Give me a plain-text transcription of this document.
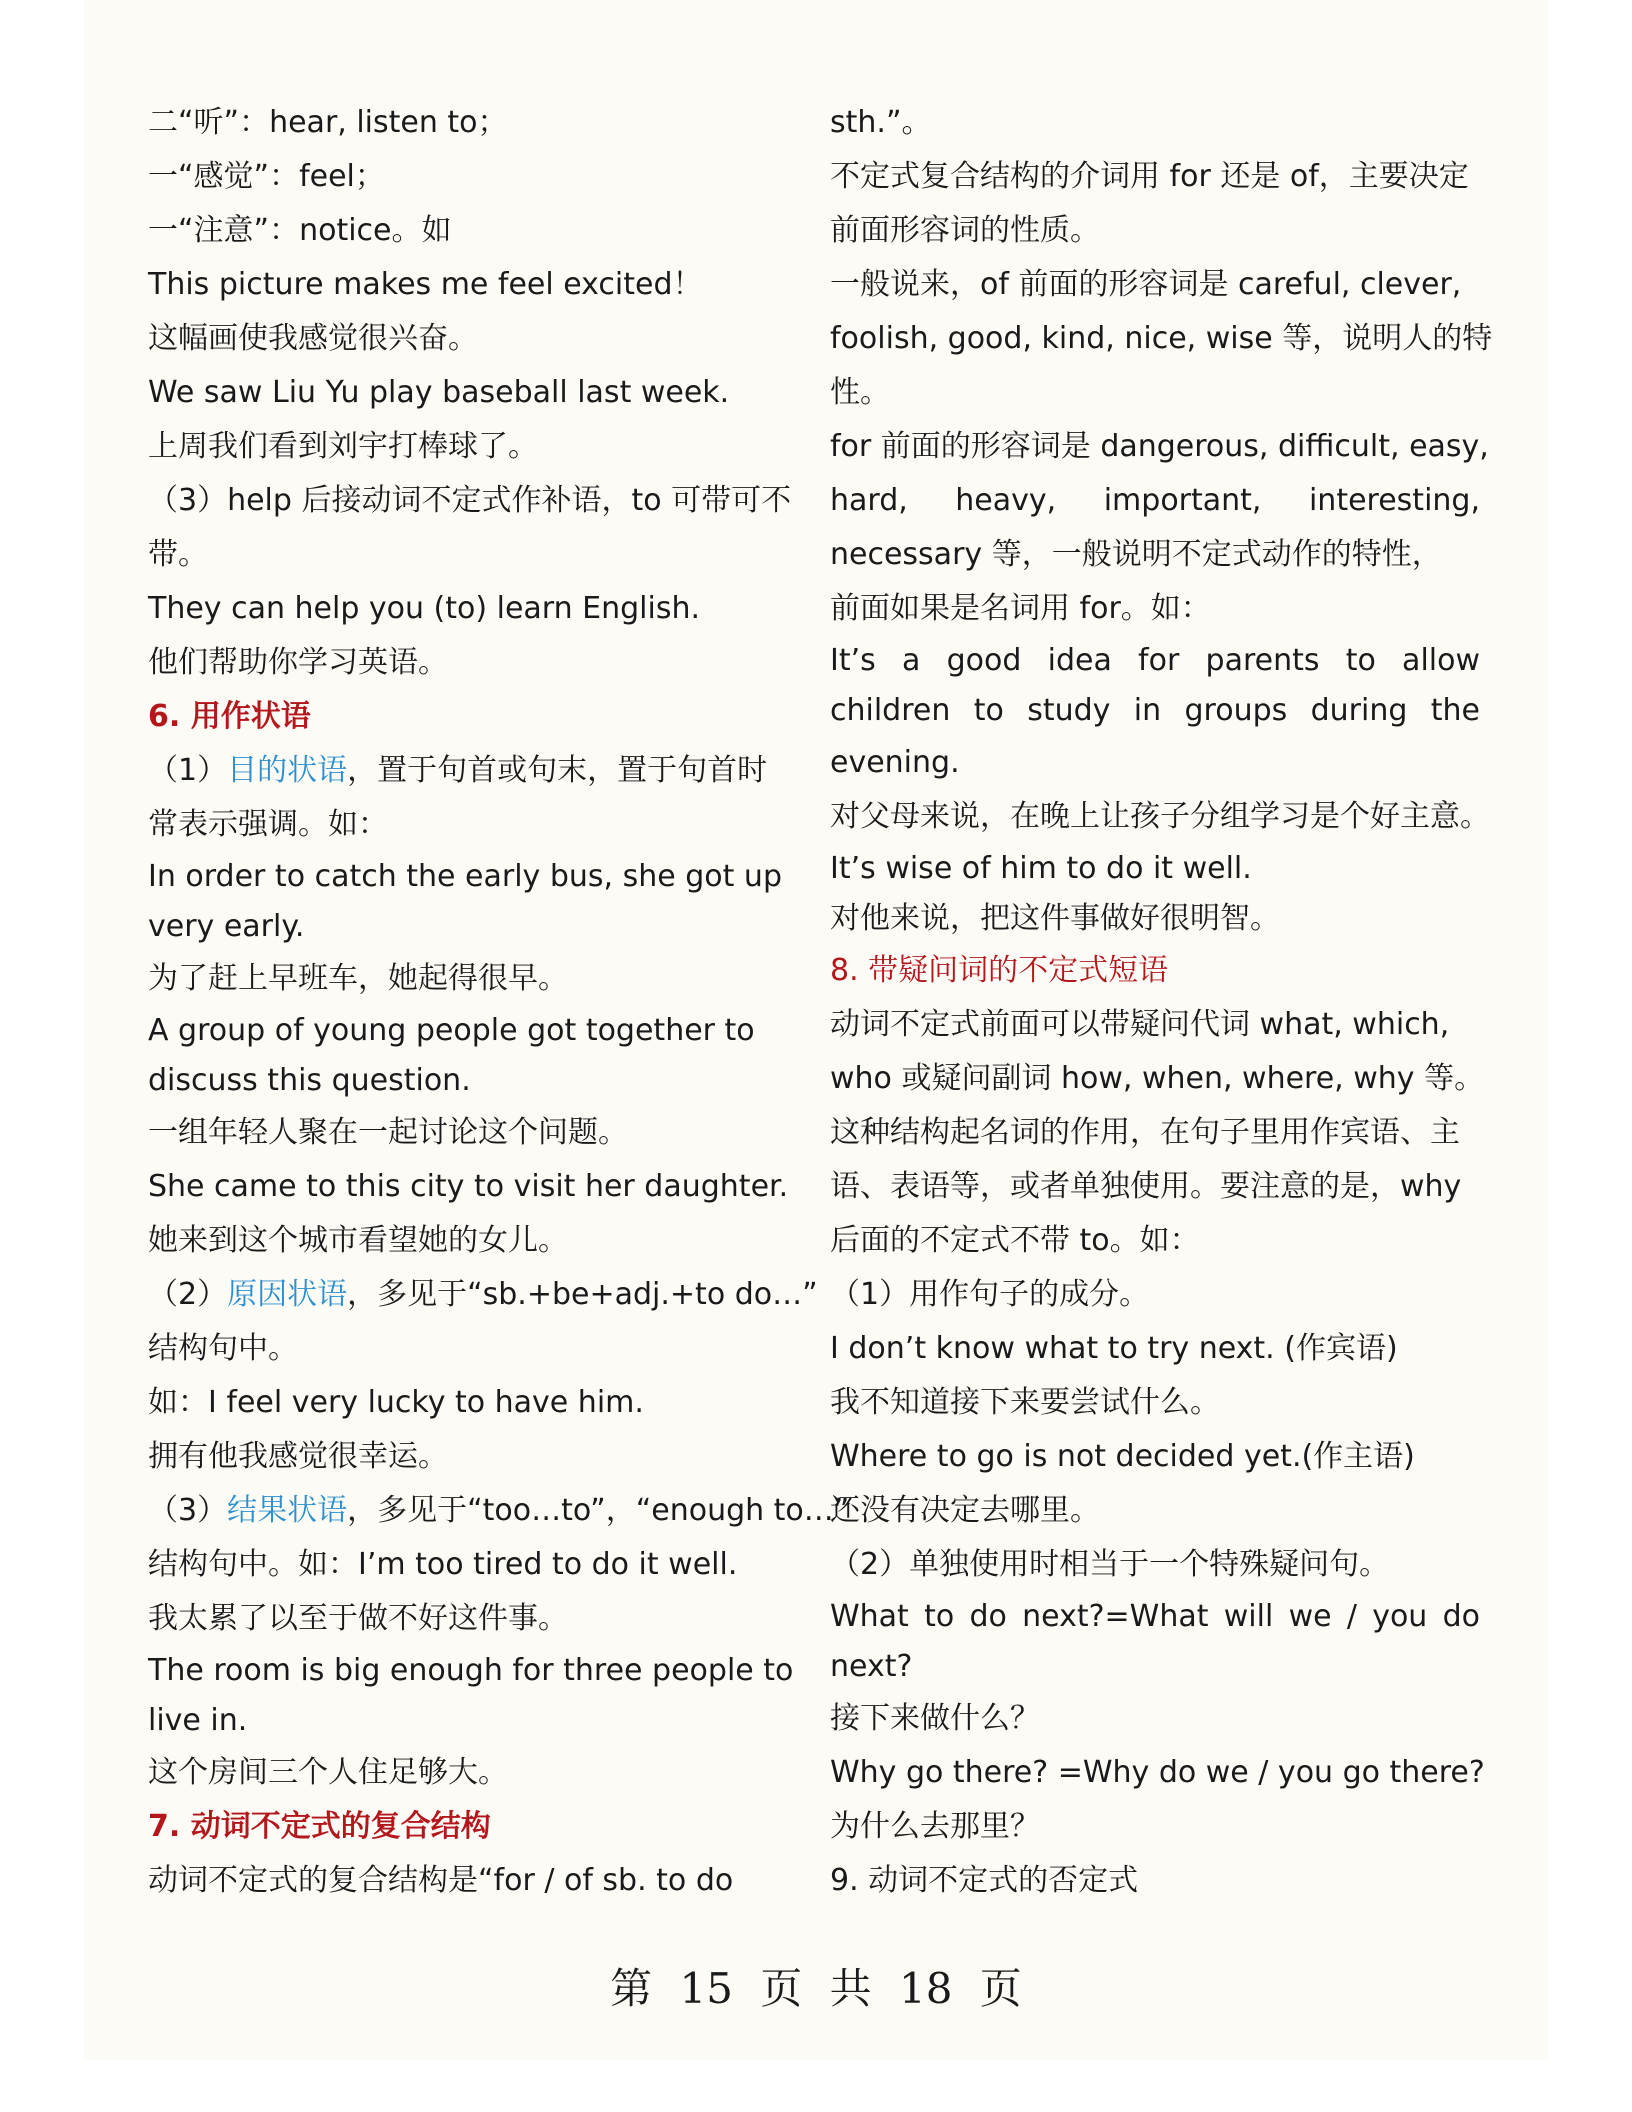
二“听”：hear, listen to；
一“感觉”：feel；
一“注意”：notice。如
This picture makes me feel excited！
这幅画使我感觉很兴奋。
We saw Liu Yu play baseball last week.
上周我们看到刘宇打棒球了。
（3）help 后接动词不定式作补语，to 可带可不
带。
They can help you (to) learn English.
他们帮助你学习英语。
6. 用作状语
（1）目的状语，置于句首或句末，置于句首时
常表示强调。如：
In order to catch the early bus, she got up
very early.
为了赶上早班车，她起得很早。
A group of young people got together to
discuss this question.
一组年轻人聚在一起讨论这个问题。
She came to this city to visit her daughter.
她来到这个城市看望她的女儿。
（2）原因状语，多见于“sb.+be+adj.+to do…”
结构句中。
如：I feel very lucky to have him.
拥有他我感觉很幸运。
（3）结果状语，多见于“too…to”，“enough to…”
结构句中。如：I’m too tired to do it well.
我太累了以至于做不好这件事。
The room is big enough for three people to
live in.
这个房间三个人住足够大。
7. 动词不定式的复合结构
动词不定式的复合结构是“for / of sb. to do
sth.”。
不定式复合结构的介词用 for 还是 of，主要决定
前面形容词的性质。
一般说来，of 前面的形容词是 careful, clever,
foolish, good, kind, nice, wise 等，说明人的特
性。
for 前面的形容词是 dangerous, difficult, easy,
hard, heavy, important, interesting,
necessary 等，一般说明不定式动作的特性，
前面如果是名词用 for。如：
It’s a good idea for parents to allow
children to study in groups during the
evening.
对父母来说，在晚上让孩子分组学习是个好主意。
It’s wise of him to do it well.
对他来说，把这件事做好很明智。
8. 带疑问词的不定式短语
动词不定式前面可以带疑问代词 what, which,
who 或疑问副词 how, when, where, why 等。
这种结构起名词的作用，在句子里用作宾语、主
语、表语等，或者单独使用。要注意的是，why
后面的不定式不带 to。如：
（1）用作句子的成分。
I don’t know what to try next. (作宾语)
我不知道接下来要尝试什么。
Where to go is not decided yet.(作主语)
还没有决定去哪里。
（2）单独使用时相当于一个特殊疑问句。
What to do next?=What will we / you do
next?
接下来做什么？
Why go there? =Why do we / you go there?
为什么去那里？
9. 动词不定式的否定式
第 15 页 共 18 页
